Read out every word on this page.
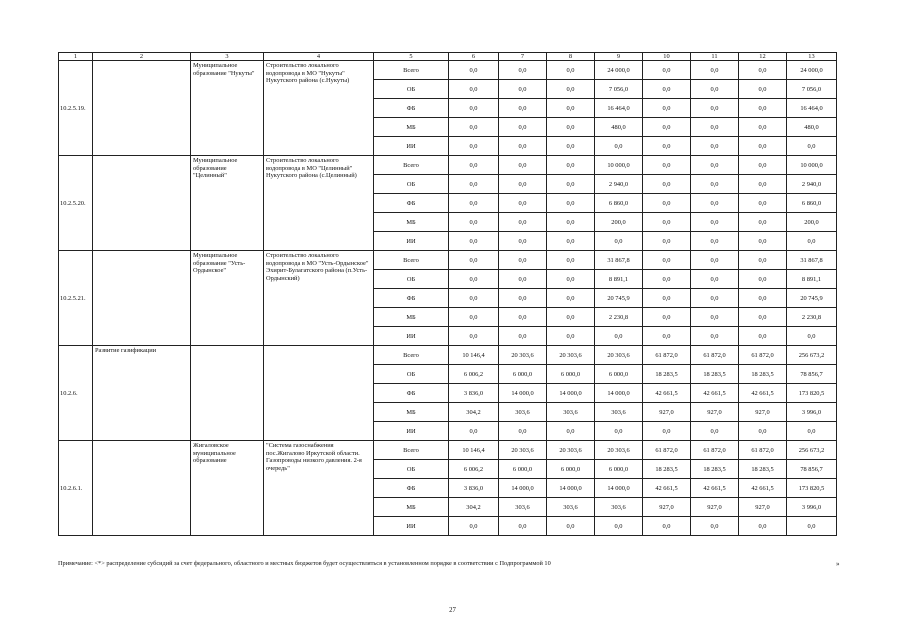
1	2	3	4	5	6	7	8	9	10	11	12	13
10.2.5.19.		Муниципальное образование "Нукуты"	Строительство локального водопровода в МО "Нукуты" Нукутского района (с.Нукуты)	Всего	0,0	0,0	0,0	24 000,0	0,0	0,0	0,0	24 000,0
				ОБ	0,0	0,0	0,0	7 056,0	0,0	0,0	0,0	7 056,0
				ФБ	0,0	0,0	0,0	16 464,0	0,0	0,0	0,0	16 464,0
				МБ	0,0	0,0	0,0	480,0	0,0	0,0	0,0	480,0
				ИИ	0,0	0,0	0,0	0,0	0,0	0,0	0,0	0,0
10.2.5.20.		Муниципальное образование "Целинный"	Строительство локального водопровода в МО "Целинный" Нукутского района (с.Целинный)	Всего	0,0	0,0	0,0	10 000,0	0,0	0,0	0,0	10 000,0
				ОБ	0,0	0,0	0,0	2 940,0	0,0	0,0	0,0	2 940,0
				ФБ	0,0	0,0	0,0	6 860,0	0,0	0,0	0,0	6 860,0
				МБ	0,0	0,0	0,0	200,0	0,0	0,0	0,0	200,0
				ИИ	0,0	0,0	0,0	0,0	0,0	0,0	0,0	0,0
10.2.5.21.		Муниципальное образование "Усть-Ордынское"	Строительство локального водопровода в МО "Усть-Ордынское" Эхирит-Булагатского района (п.Усть-Ордынский)	Всего	0,0	0,0	0,0	31 867,8	0,0	0,0	0,0	31 867,8
				ОБ	0,0	0,0	0,0	8 891,1	0,0	0,0	0,0	8 891,1
				ФБ	0,0	0,0	0,0	20 745,9	0,0	0,0	0,0	20 745,9
				МБ	0,0	0,0	0,0	2 230,8	0,0	0,0	0,0	2 230,8
				ИИ	0,0	0,0	0,0	0,0	0,0	0,0	0,0	0,0
10.2.6.	Развитие газификации			Всего	10 146,4	20 303,6	20 303,6	20 303,6	61 872,0	61 872,0	61 872,0	256 673,2
				ОБ	6 006,2	6 000,0	6 000,0	6 000,0	18 283,5	18 283,5	18 283,5	78 856,7
				ФБ	3 836,0	14 000,0	14 000,0	14 000,0	42 661,5	42 661,5	42 661,5	173 820,5
				МБ	304,2	303,6	303,6	303,6	927,0	927,0	927,0	3 996,0
				ИИ	0,0	0,0	0,0	0,0	0,0	0,0	0,0	0,0
10.2.6.1.		Жигаловское муниципальное образование	"Система газоснабжения пос.Жигалово Иркутской области. Газопроводы низкого давления. 2-я очередь"	Всего	10 146,4	20 303,6	20 303,6	20 303,6	61 872,0	61 872,0	61 872,0	256 673,2
				ОБ	6 006,2	6 000,0	6 000,0	6 000,0	18 283,5	18 283,5	18 283,5	78 856,7
				ФБ	3 836,0	14 000,0	14 000,0	14 000,0	42 661,5	42 661,5	42 661,5	173 820,5
				МБ	304,2	303,6	303,6	303,6	927,0	927,0	927,0	3 996,0
				ИИ	0,0	0,0	0,0	0,0	0,0	0,0	0,0	0,0
Примечание: <*> распределение субсидий за счет федерального, областного и местных бюджетов будет осуществляться в установленном порядке в соответствии с Подпрограммой 10	»
27
